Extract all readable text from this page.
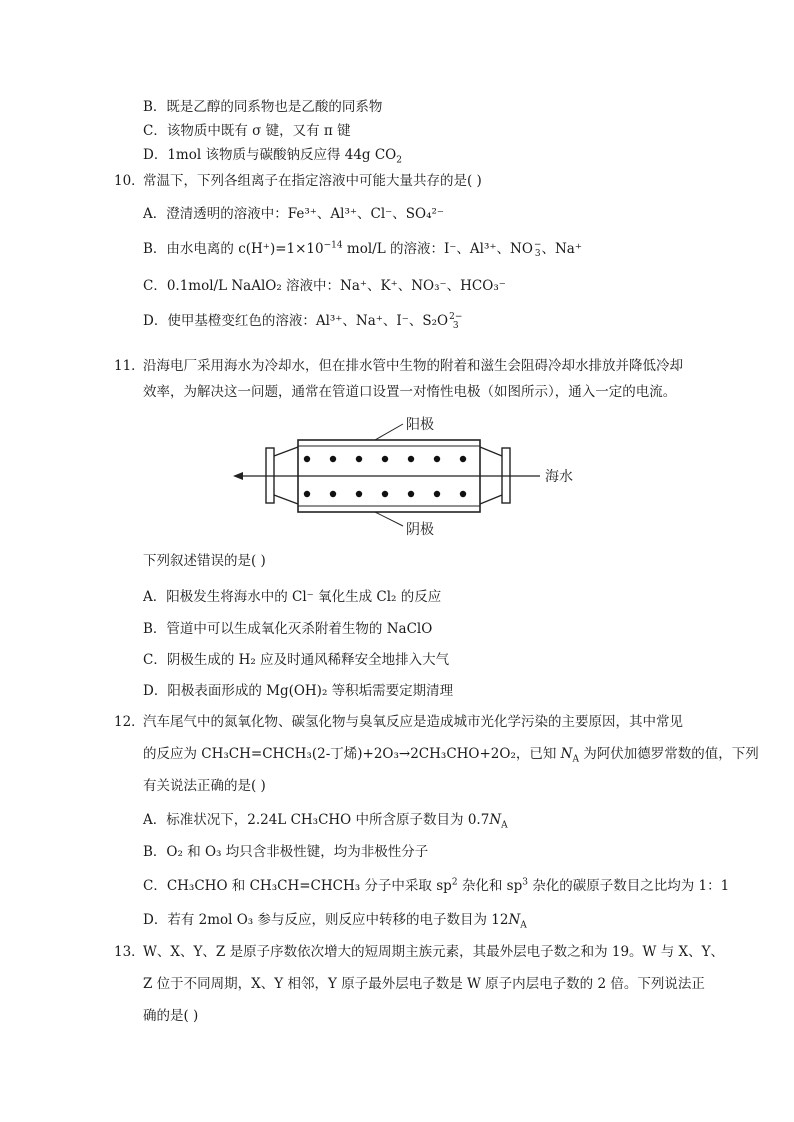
B．既是乙醇的同系物也是乙酸的同系物
C．该物质中既有 σ 键，又有 π 键
D．1mol 该物质与碳酸钠反应得 44g $CO_2$
10．
常温下，下列各组离子在指定溶液中可能大量共存的是( )
A．澄清透明的溶液中：Fe³⁺、Al³⁺、Cl⁻、SO₄²⁻
B．由水电离的 $c(H^+)=1\times 10^{-14}$ mol/L 的溶液：I⁻、Al³⁺、NO −
3 、Na⁺
C．0.1mol/L NaAlO₂ 溶液中：Na⁺、K⁺、NO₃⁻、HCO₃⁻
D．使甲基橙变红色的溶液：Al³⁺、Na⁺、I⁻、S₂O 2−
3
11．
沿海电厂采用海水为冷却水，但在排水管中生物的附着和滋生会阻碍冷却水排放并降低冷却
效率，为解决这一问题，通常在管道口设置一对惰性电极（如图所示），通入一定的电流。
阳极
阴极
海水
下列叙述错误的是( )
A．阳极发生将海水中的 Cl⁻ 氧化生成 Cl₂ 的反应
B．管道中可以生成氧化灭杀附着生物的 NaClO
C．阴极生成的 H₂ 应及时通风稀释安全地排入大气
D．阳极表面形成的 Mg(OH)₂ 等积垢需要定期清理
12．
汽车尾气中的氮氧化物、碳氢化物与臭氧反应是造成城市光化学污染的主要原因，其中常见
的反应为 CH₃CH=CHCH₃(2-丁烯)+2O₃→2CH₃CHO+2O₂，已知 $N_A$ 为阿伏加德罗常数的值，下列
有关说法正确的是( )
A．标准状况下，2.24L CH₃CHO 中所含原子数目为 $0.7N_A$
B．O₂ 和 O₃ 均只含非极性键，均为非极性分子
C．CH₃CHO 和 CH₃CH=CHCH₃ 分子中采取 $sp^2$ 杂化和 $sp^3$ 杂化的碳原子数目之比均为 1：1
D．若有 2mol O₃ 参与反应，则反应中转移的电子数目为 $12N_A$
13．
W、X、Y、Z 是原子序数依次增大的短周期主族元素，其最外层电子数之和为 19。W 与 X、Y、
Z 位于不同周期，X、Y 相邻，Y 原子最外层电子数是 W 原子内层电子数的 2 倍。下列说法正
确的是( )
